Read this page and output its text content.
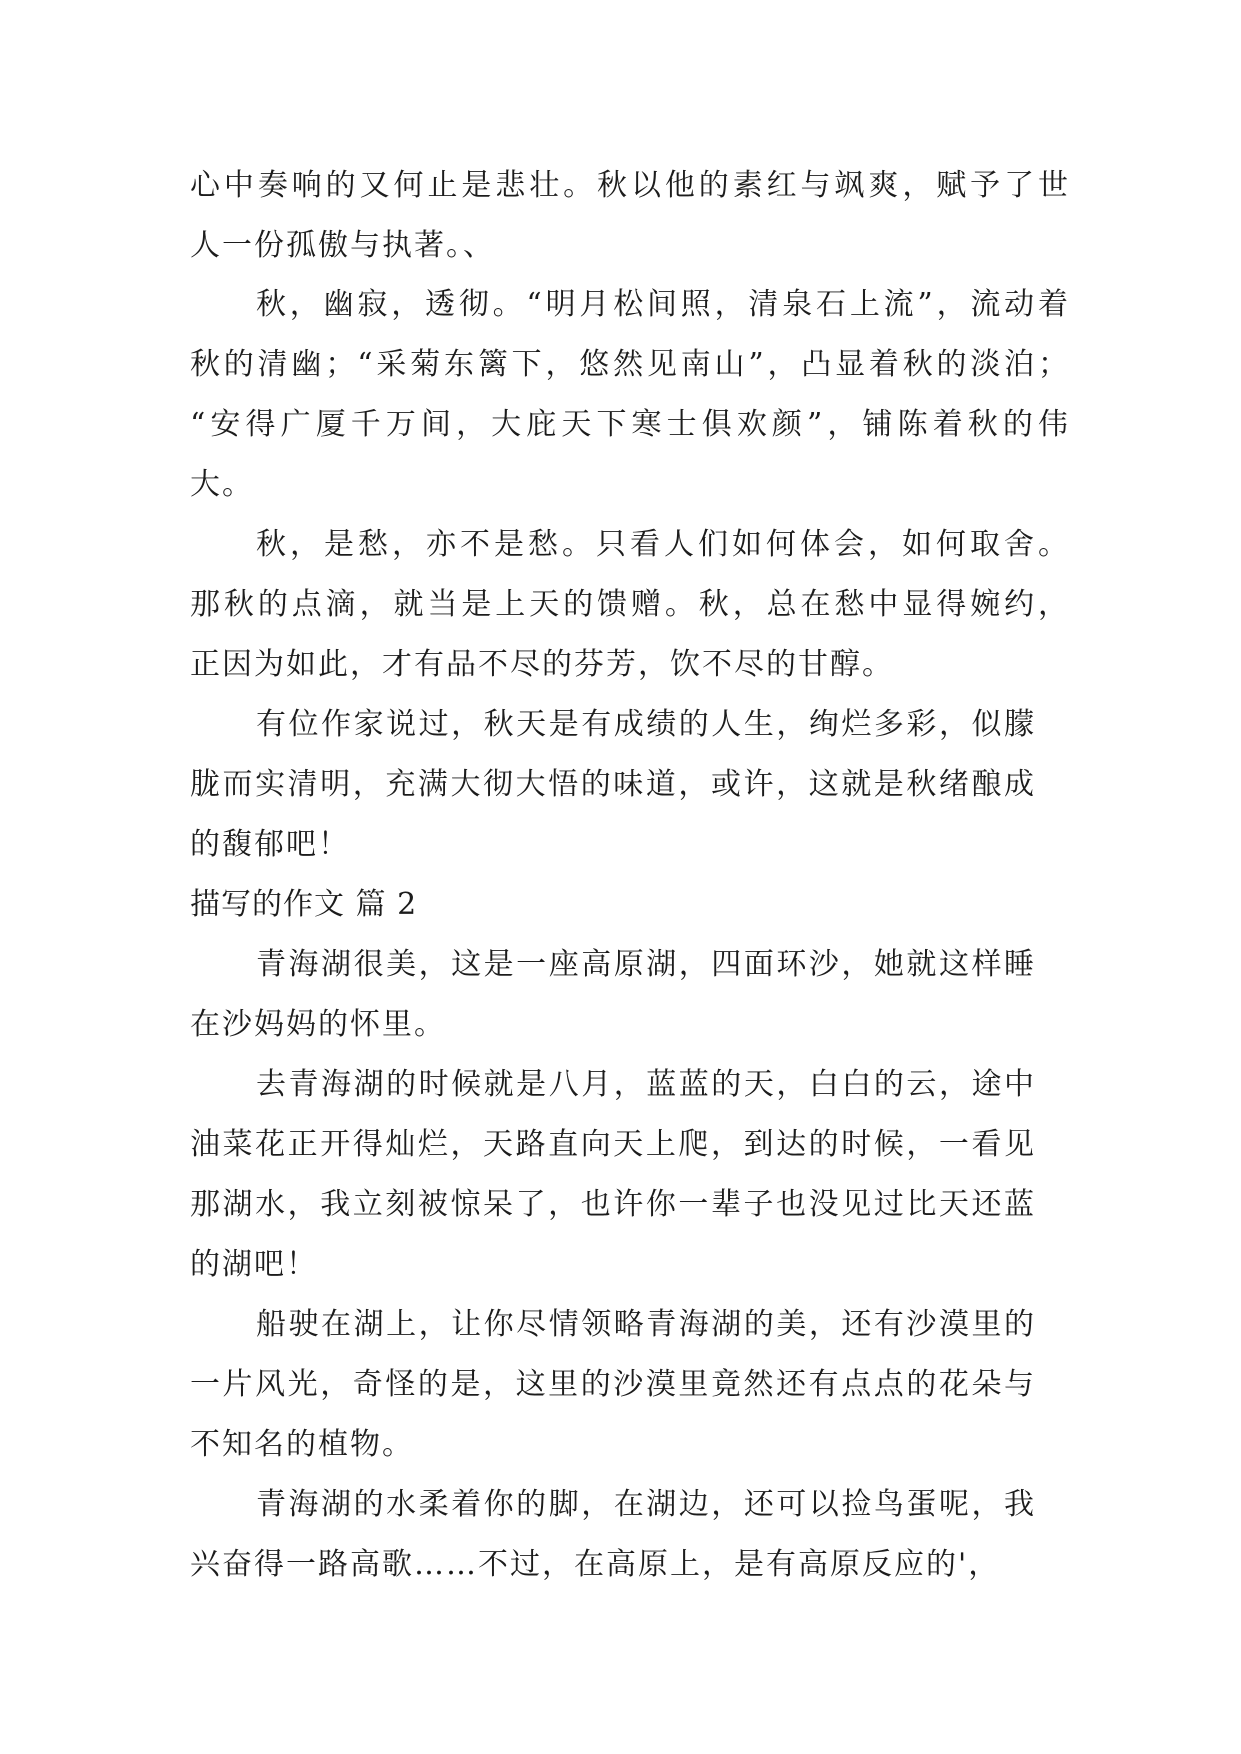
心中奏响的又何止是悲壮。秋以他的素红与飒爽，赋予了世
人一份孤傲与执著。、
秋，幽寂，透彻。“明月松间照，清泉石上流”，流动着
秋的清幽；“采菊东篱下，悠然见南山”，凸显着秋的淡泊；
“安得广厦千万间，大庇天下寒士俱欢颜”，铺陈着秋的伟
大。
秋，是愁，亦不是愁。只看人们如何体会，如何取舍。
那秋的点滴，就当是上天的馈赠。秋，总在愁中显得婉约，
正因为如此，才有品不尽的芬芳，饮不尽的甘醇。
有位作家说过，秋天是有成绩的人生，绚烂多彩，似朦
胧而实清明，充满大彻大悟的味道，或许，这就是秋绪酿成
的馥郁吧！
描写的作文 篇 2
青海湖很美，这是一座高原湖，四面环沙，她就这样睡
在沙妈妈的怀里。
去青海湖的时候就是八月，蓝蓝的天，白白的云，途中
油菜花正开得灿烂，天路直向天上爬，到达的时候，一看见
那湖水，我立刻被惊呆了，也许你一辈子也没见过比天还蓝
的湖吧！
船驶在湖上，让你尽情领略青海湖的美，还有沙漠里的
一片风光，奇怪的是，这里的沙漠里竟然还有点点的花朵与
不知名的植物。
青海湖的水柔着你的脚，在湖边，还可以捡鸟蛋呢，我
兴奋得一路高歌……不过，在高原上，是有高原反应的'，
